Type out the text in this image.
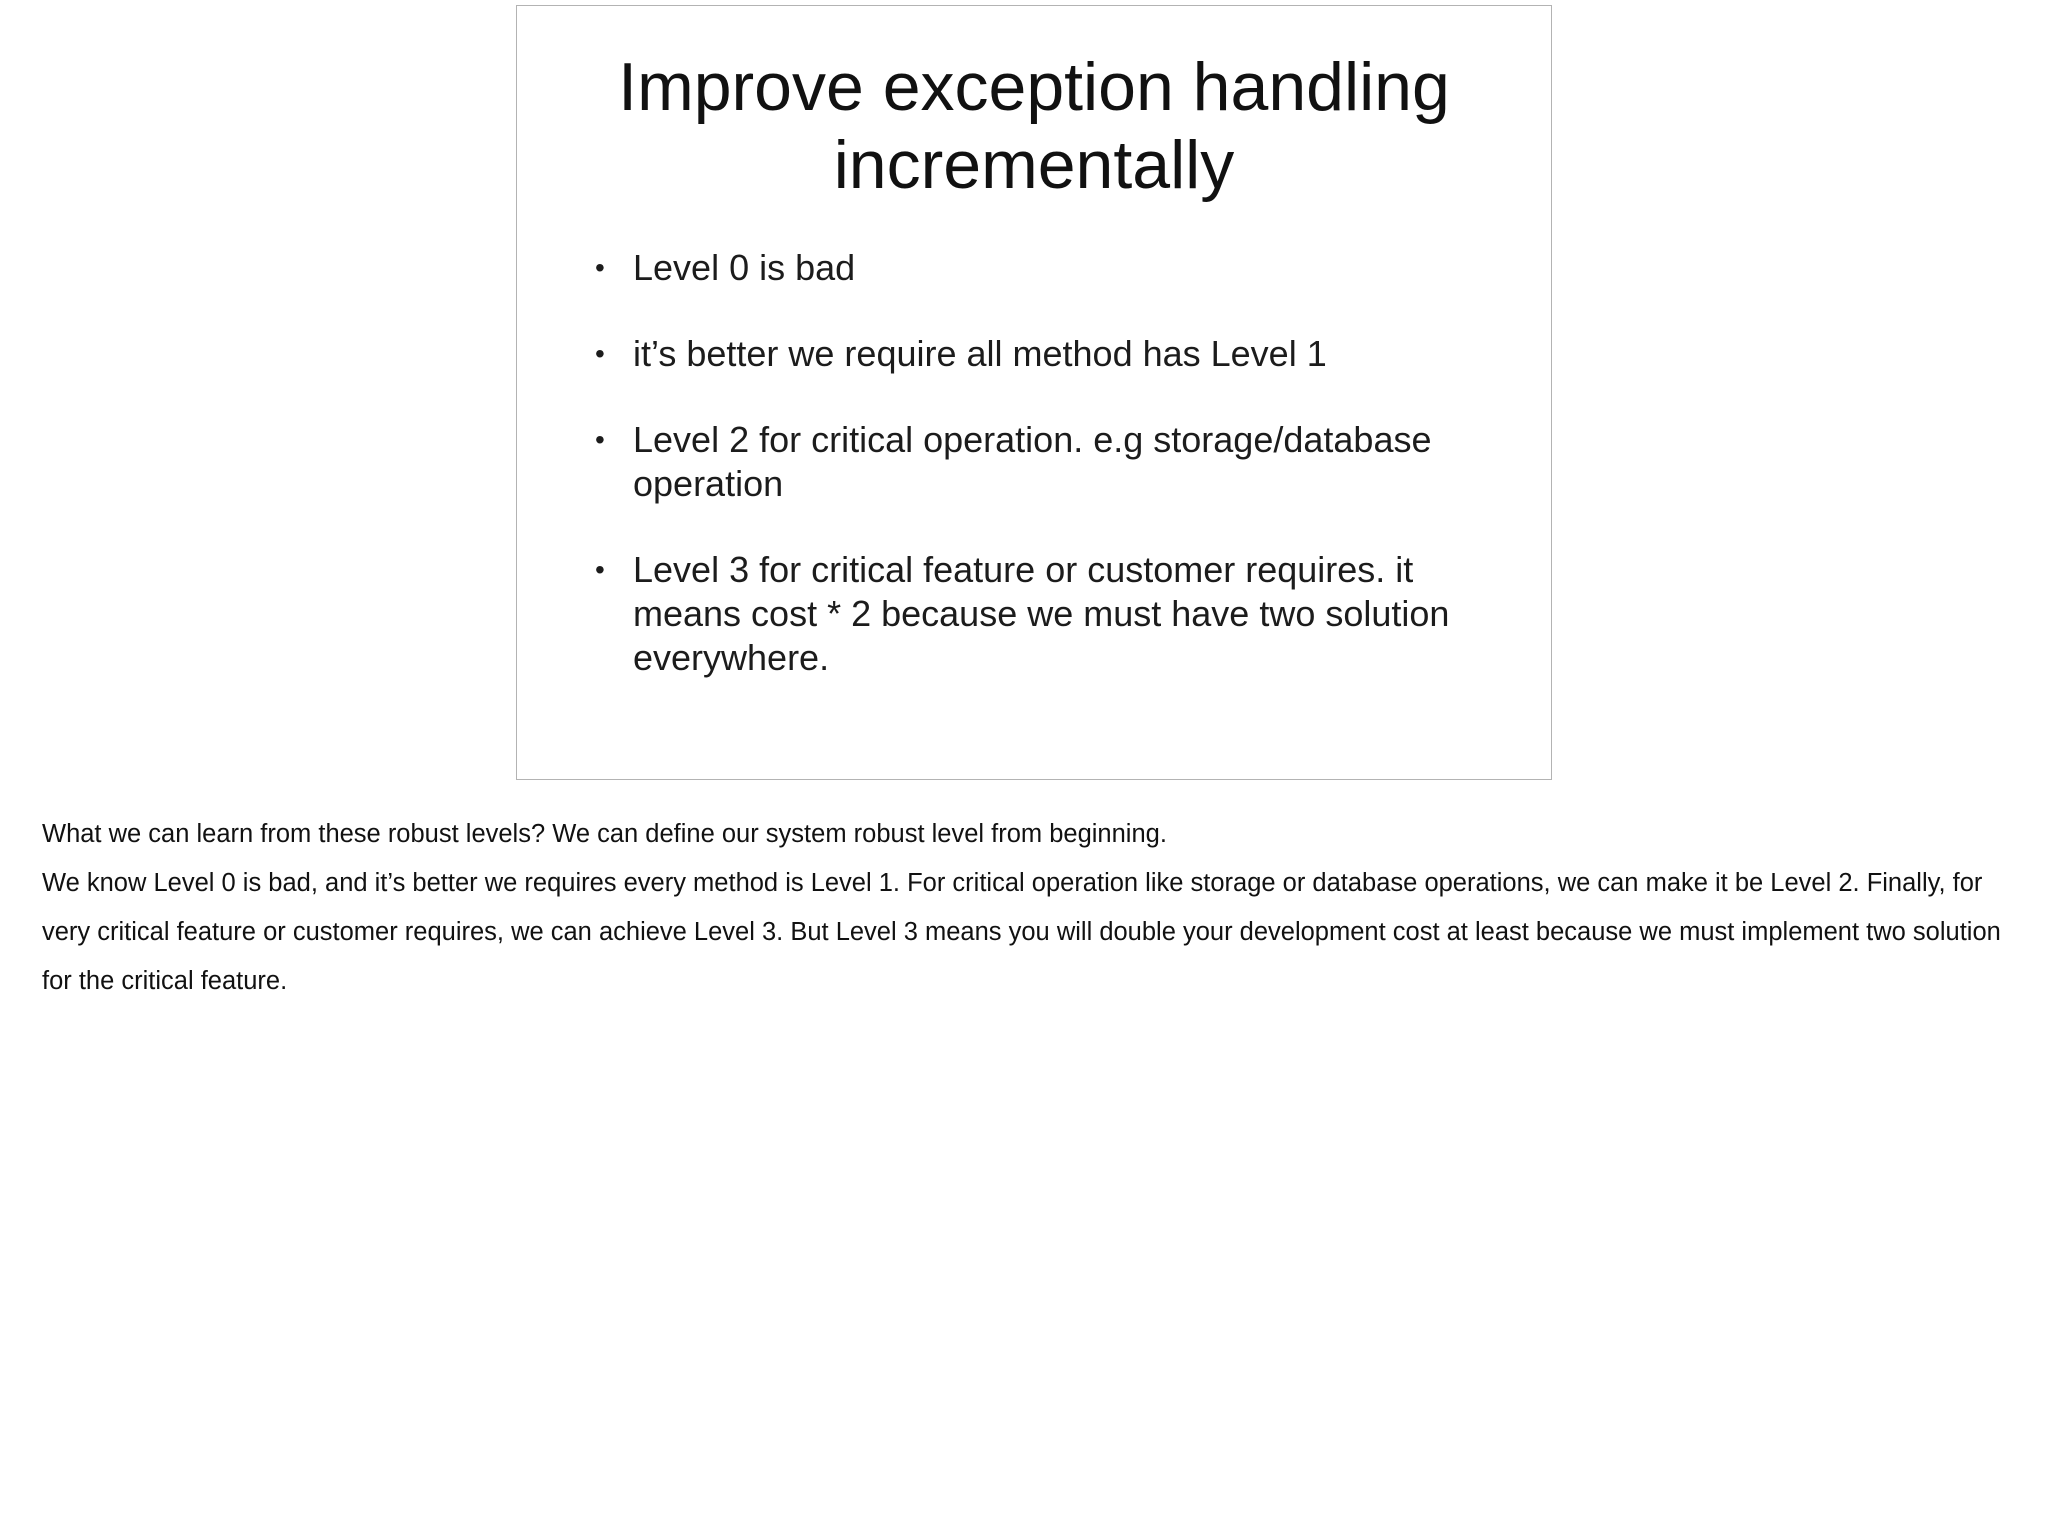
Improve exception handling
incrementally
• Level 0 is bad
• it’s better we require all method has Level 1
• Level 2 for critical operation. e.g storage/database operation
• Level 3 for critical feature or customer requires. it means cost * 2 because we must have two solution everywhere.

What we can learn from these robust levels? We can define our system robust level from beginning.

We know Level 0 is bad, and it’s better we requires every method is Level 1. For critical operation like storage or database operations, we can make it be Level 2. Finally, for very critical feature or customer requires, we can achieve Level 3. But Level 3 means you will double your development cost at least because we must implement two solution for the critical feature.
